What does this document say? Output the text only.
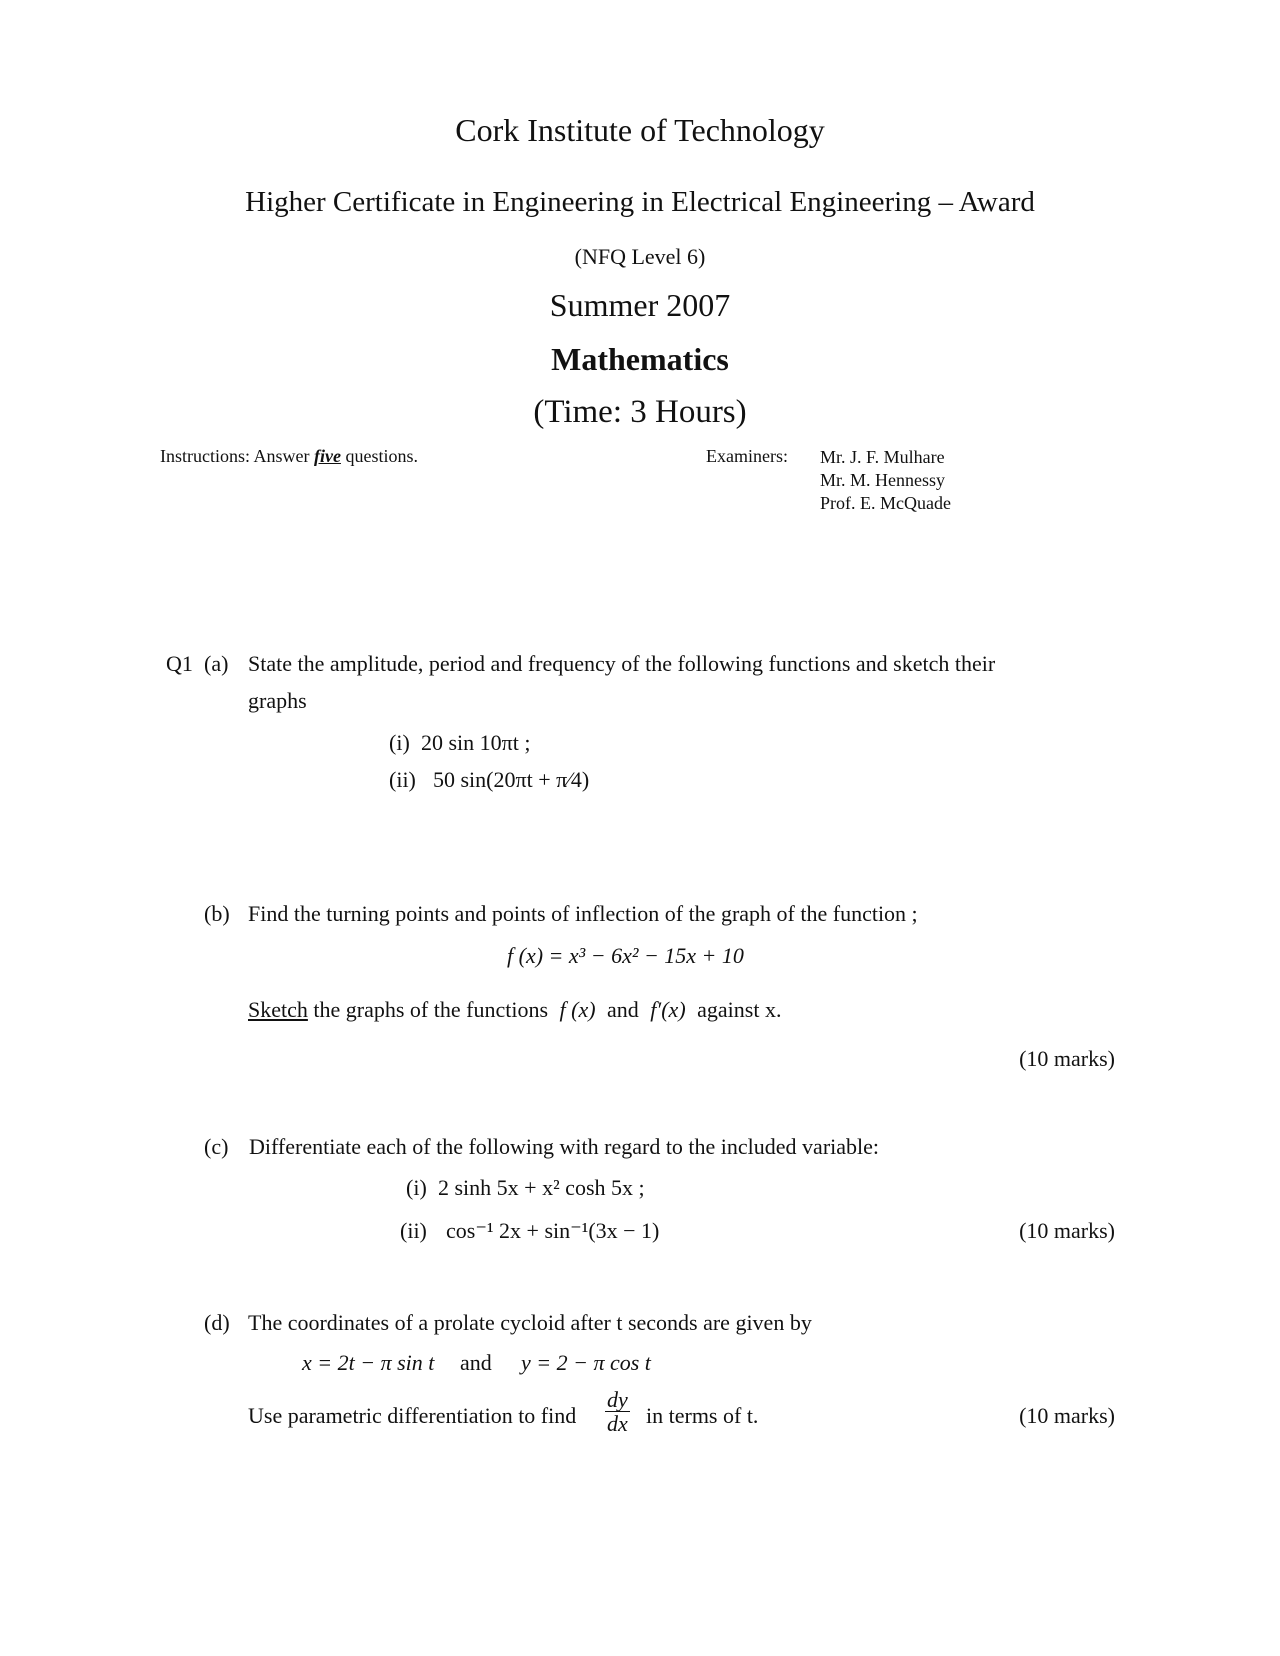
Cork Institute of Technology
Higher Certificate in Engineering in Electrical Engineering – Award
(NFQ Level 6)
Summer 2007
Mathematics
(Time: 3 Hours)
Instructions: Answer five questions.	Examiners: Mr. J. F. Mulhare
Mr. M. Hennessy
Prof. E. McQuade
Q1 (a) State the amplitude, period and frequency of the following functions and sketch their
graphs
(i) 20 sin 10πt ;
(ii) 50 sin(20πt + π⁄4)
(b) Find the turning points and points of inflection of the graph of the function ;
f (x) = x³ − 6x² − 15x + 10
Sketch the graphs of the functions f (x) and f′(x) against x.
(10 marks)
(c) Differentiate each of the following with regard to the included variable:
(i) 2 sinh 5x + x² cosh 5x ;
(ii) cos⁻¹ 2x + sin⁻¹(3x − 1)	(10 marks)
(d) The coordinates of a prolate cycloid after t seconds are given by
x = 2t − π sin t and y = 2 − π cos t
Use parametric differentiation to find $\frac{dy}{dx}$ in terms of t.	(10 marks)
